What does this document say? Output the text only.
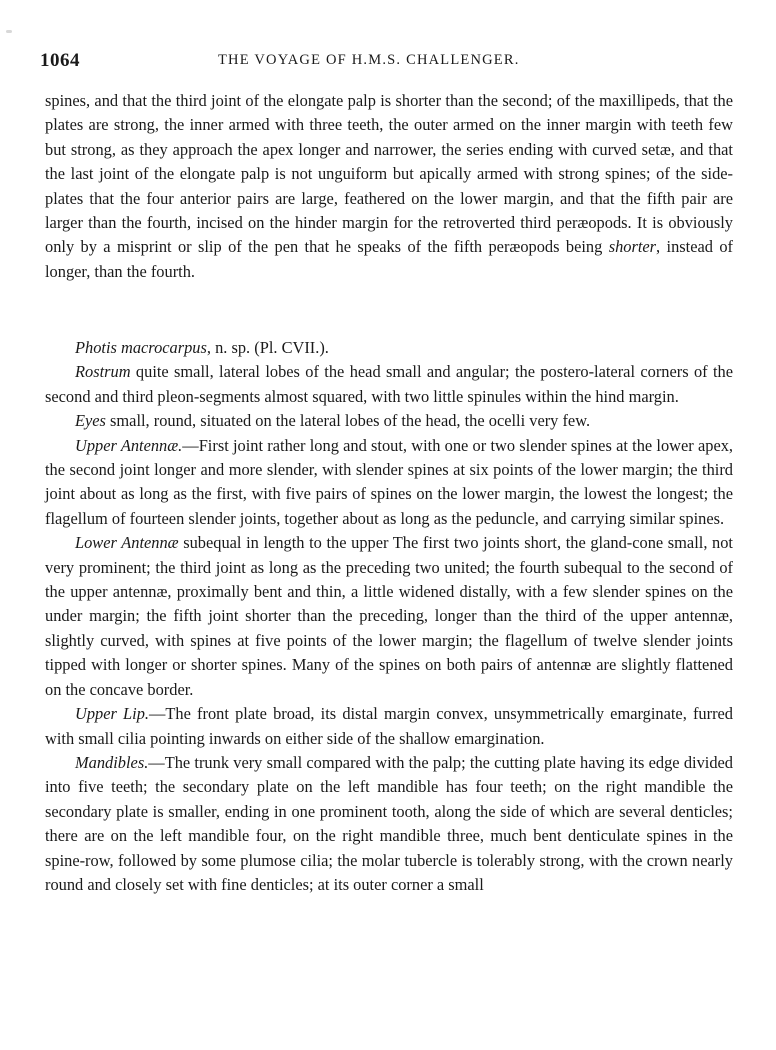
1064	THE VOYAGE OF H.M.S. CHALLENGER.

spines, and that the third joint of the elongate palp is shorter than the second; of the maxillipeds, that the plates are strong, the inner armed with three teeth, the outer armed on the inner margin with teeth few but strong, as they approach the apex longer and narrower, the series ending with curved setæ, and that the last joint of the elongate palp is not unguiform but apically armed with strong spines; of the side-plates that the four anterior pairs are large, feathered on the lower margin, and that the fifth pair are larger than the fourth, incised on the hinder margin for the retroverted third peræopods. It is obviously only by a misprint or slip of the pen that he speaks of the fifth peræopods being shorter, instead of longer, than the fourth.

Photis macrocarpus, n. sp. (Pl. CVII.).

Rostrum quite small, lateral lobes of the head small and angular; the postero-lateral corners of the second and third pleon-segments almost squared, with two little spinules within the hind margin.

Eyes small, round, situated on the lateral lobes of the head, the ocelli very few.

Upper Antennæ.—First joint rather long and stout, with one or two slender spines at the lower apex, the second joint longer and more slender, with slender spines at six points of the lower margin; the third joint about as long as the first, with five pairs of spines on the lower margin, the lowest the longest; the flagellum of fourteen slender joints, together about as long as the peduncle, and carrying similar spines.

Lower Antennæ subequal in length to the upper The first two joints short, the gland-cone small, not very prominent; the third joint as long as the preceding two united; the fourth subequal to the second of the upper antennæ, proximally bent and thin, a little widened distally, with a few slender spines on the under margin; the fifth joint shorter than the preceding, longer than the third of the upper antennæ, slightly curved, with spines at five points of the lower margin; the flagellum of twelve slender joints tipped with longer or shorter spines. Many of the spines on both pairs of antennæ are slightly flattened on the concave border.

Upper Lip.—The front plate broad, its distal margin convex, unsymmetrically emarginate, furred with small cilia pointing inwards on either side of the shallow emargination.

Mandibles.—The trunk very small compared with the palp; the cutting plate having its edge divided into five teeth; the secondary plate on the left mandible has four teeth; on the right mandible the secondary plate is smaller, ending in one prominent tooth, along the side of which are several denticles; there are on the left mandible four, on the right mandible three, much bent denticulate spines in the spine-row, followed by some plumose cilia; the molar tubercle is tolerably strong, with the crown nearly round and closely set with fine denticles; at its outer corner a small
